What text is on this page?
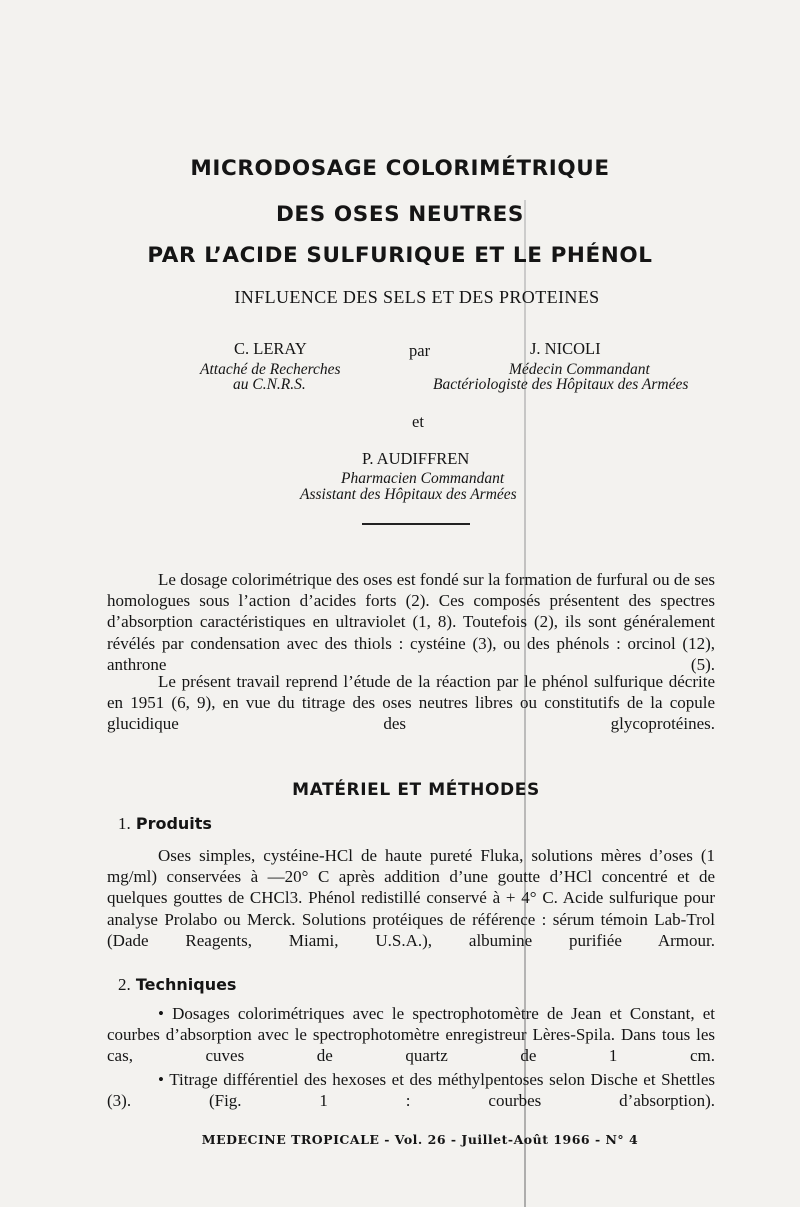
MICRODOSAGE COLORIMÉTRIQUE
DES OSES NEUTRES
PAR L’ACIDE SULFURIQUE ET LE PHÉNOL

INFLUENCE DES SELS ET DES PROTEINES

C. LERAY	par	J. NICOLI
Attaché de Recherches
au C.N.R.S.
Médecin Commandant
Bactériologiste des Hôpitaux des Armées
et
P. AUDIFFREN
Pharmacien Commandant
Assistant des Hôpitaux des Armées

Le dosage colorimétrique des oses est fondé sur la formation de furfural ou de ses homologues sous l’action d’acides forts (2). Ces composés présentent des spectres d’absorption caractéristiques en ultraviolet (1, 8). Toutefois (2), ils sont généralement révélés par condensation avec des thiols : cystéine (3), ou des phénols : orcinol (12), anthrone (5).

Le présent travail reprend l’étude de la réaction par le phénol sulfurique décrite en 1951 (6, 9), en vue du titrage des oses neutres libres ou constitutifs de la copule glucidique des glycoprotéines.

MATÉRIEL ET MÉTHODES

1. Produits

Oses simples, cystéine-HCl de haute pureté Fluka, solutions mères d’oses (1 mg/ml) conservées à —20° C après addition d’une goutte d’HCl concentré et de quelques gouttes de CHCl3. Phénol redistillé conservé à + 4° C. Acide sulfurique pour analyse Prolabo ou Merck. Solutions protéiques de référence : sérum témoin Lab-Trol (Dade Reagents, Miami, U.S.A.), albumine purifiée Armour.

2. Techniques

• Dosages colorimétriques avec le spectrophotomètre de Jean et Constant, et courbes d’absorption avec le spectrophotomètre enregistreur Lères-Spila. Dans tous les cas, cuves de quartz de 1 cm.

• Titrage différentiel des hexoses et des méthylpentoses selon Dische et Shettles (3). (Fig. 1 : courbes d’absorption).

MEDECINE TROPICALE - Vol. 26 - Juillet-Août 1966 - N° 4
